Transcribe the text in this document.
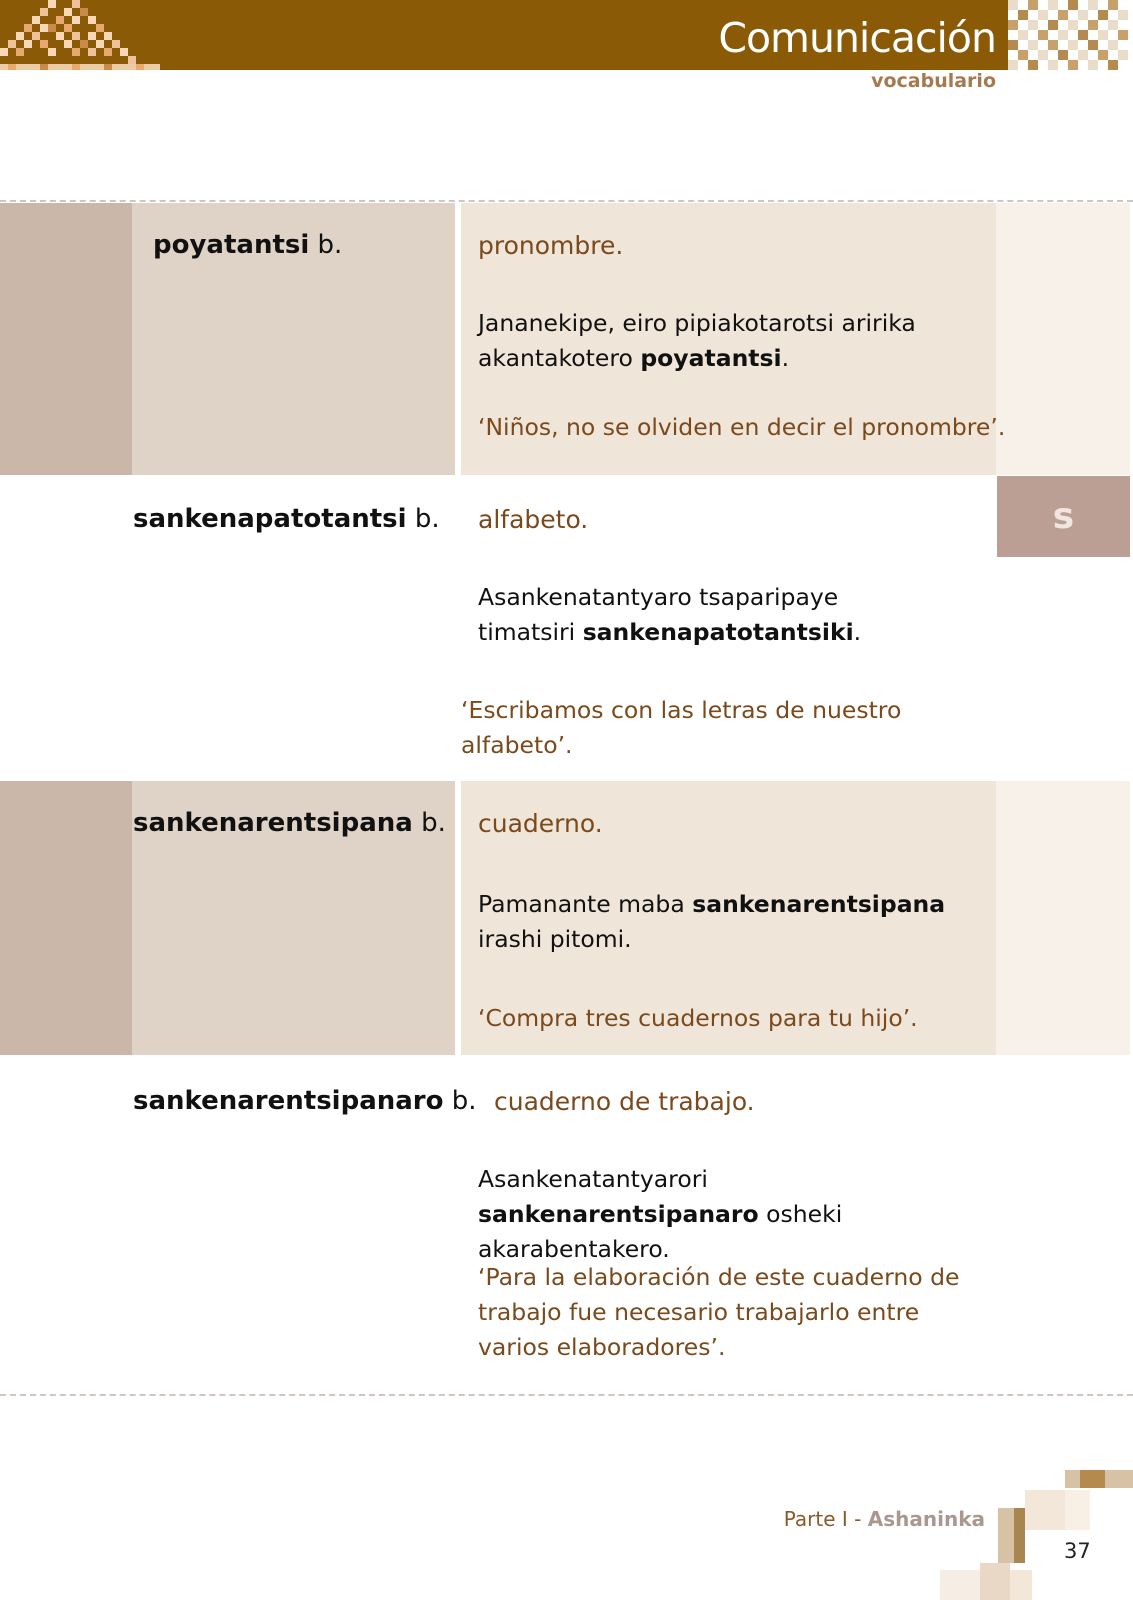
Comunicación
vocabulario
s
poyatantsi b.	pronombre.
Jananekipe, eiro pipiakotarotsi aririka akantakotero poyatantsi.
‘Niños, no se olviden en decir el pronombre’.
sankenapatotantsi b. alfabeto.
Asankenatantyaro tsaparipaye timatsiri sankenapatotantsiki.
‘Escribamos con las letras de nuestro alfabeto’.
sankenarentsipana b. cuaderno.
Pamanante maba sankenarentsipana irashi pitomi.
‘Compra tres cuadernos para tu hijo’.
sankenarentsipanaro b. cuaderno de trabajo.
Asankenatantyarori sankenarentsipanaro osheki akarabentakero.
‘Para la elaboración de este cuaderno de trabajo fue necesario trabajarlo entre varios elaboradores’.
Parte I - Ashaninka
37
